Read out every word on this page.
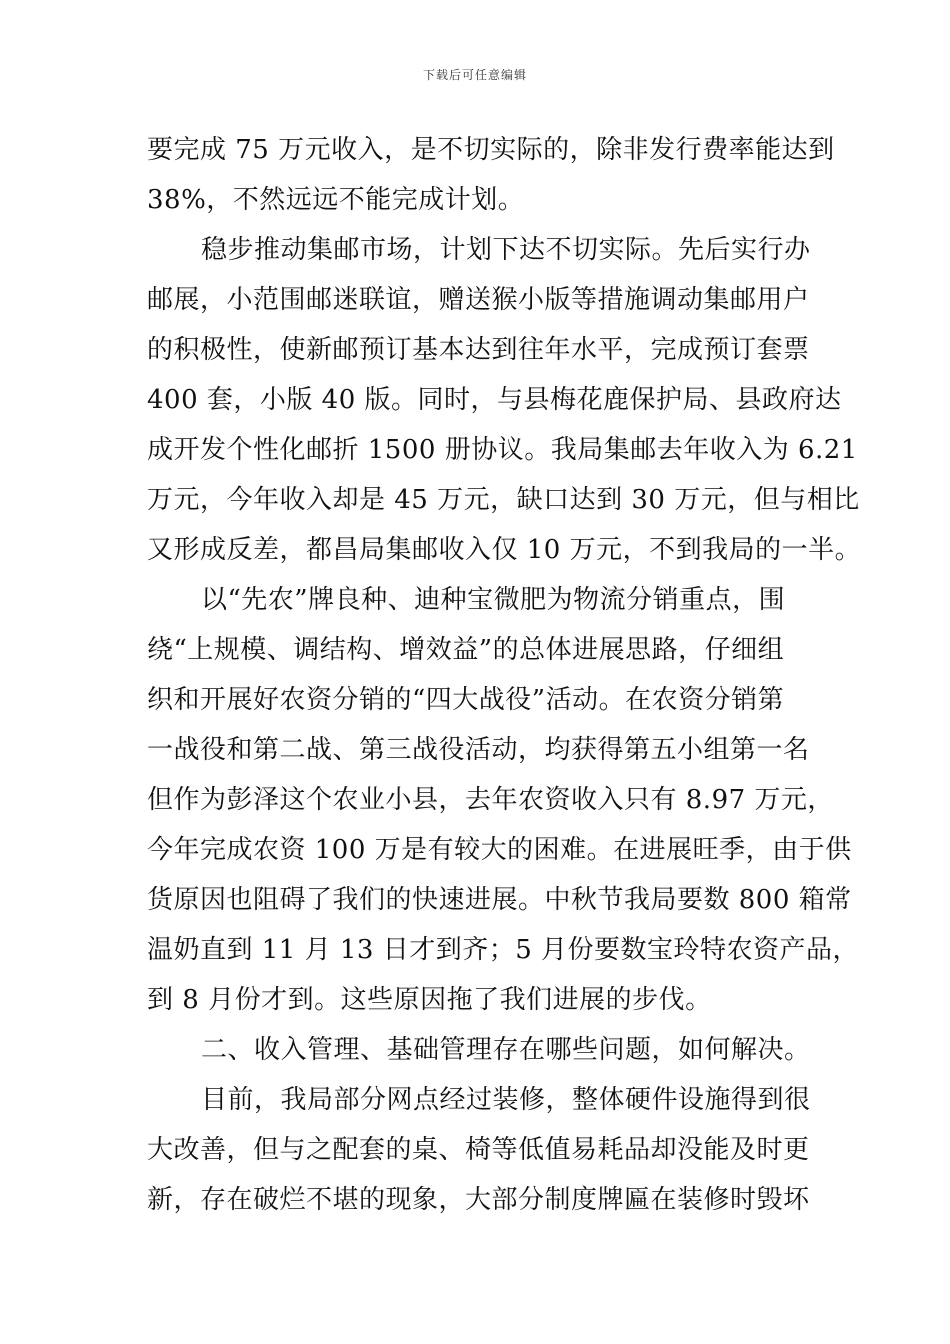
下载后可任意编辑
要完成 75 万元收入，是不切实际的，除非发行费率能达到
38%，不然远远不能完成计划。
稳步推动集邮市场，计划下达不切实际。先后实行办
邮展，小范围邮迷联谊，赠送猴小版等措施调动集邮用户
的积极性，使新邮预订基本达到往年水平，完成预订套票
400 套，小版 40 版。同时，与县梅花鹿保护局、县政府达
成开发个性化邮折 1500 册协议。我局集邮去年收入为 6.21
万元，今年收入却是 45 万元，缺口达到 30 万元，但与相比
又形成反差，都昌局集邮收入仅 10 万元，不到我局的一半。
以“先农”牌良种、迪种宝微肥为物流分销重点，围
绕“上规模、调结构、增效益”的总体进展思路，仔细组
织和开展好农资分销的“四大战役”活动。在农资分销第
一战役和第二战、第三战役活动，均获得第五小组第一名
但作为彭泽这个农业小县，去年农资收入只有 8.97 万元，
今年完成农资 100 万是有较大的困难。在进展旺季，由于供
货原因也阻碍了我们的快速进展。中秋节我局要数 800 箱常
温奶直到 11 月 13 日才到齐；5 月份要数宝玲特农资产品，
到 8 月份才到。这些原因拖了我们进展的步伐。
二、收入管理、基础管理存在哪些问题，如何解决。
目前，我局部分网点经过装修，整体硬件设施得到很
大改善，但与之配套的桌、椅等低值易耗品却没能及时更
新，存在破烂不堪的现象，大部分制度牌匾在装修时毁坏
